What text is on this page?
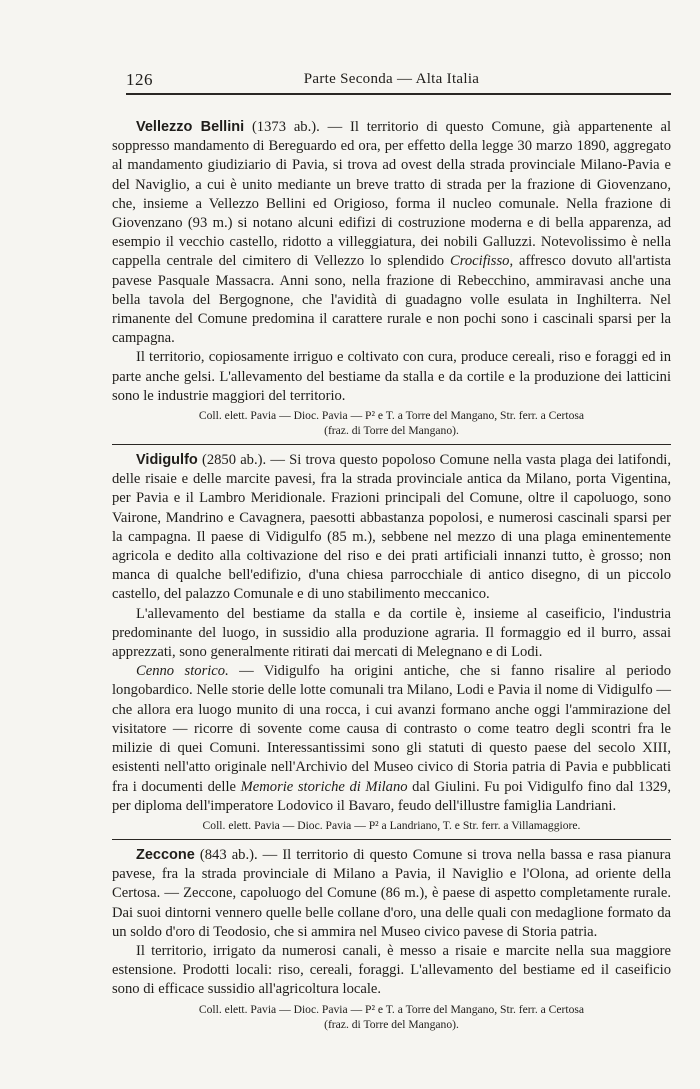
126	Parte Seconda — Alta Italia

Vellezzo Bellini (1373 ab.). — Il territorio di questo Comune, già appartenente al soppresso mandamento di Bereguardo ed ora, per effetto della legge 30 marzo 1890, aggregato al mandamento giudiziario di Pavia, si trova ad ovest della strada provinciale Milano-Pavia e del Naviglio, a cui è unito mediante un breve tratto di strada per la frazione di Giovenzano, che, insieme a Vellezzo Bellini ed Origioso, forma il nucleo comunale. Nella frazione di Giovenzano (93 m.) si notano alcuni edifizi di costruzione moderna e di bella apparenza, ad esempio il vecchio castello, ridotto a villeggiatura, dei nobili Galluzzi. Notevolissimo è nella cappella centrale del cimitero di Vellezzo lo splendido Crocifisso, affresco dovuto all'artista pavese Pasquale Massacra. Anni sono, nella frazione di Rebecchino, ammiravasi anche una bella tavola del Bergognone, che l'avidità di guadagno volle esulata in Inghilterra. Nel rimanente del Comune predomina il carattere rurale e non pochi sono i cascinali sparsi per la campagna.

Il territorio, copiosamente irriguo e coltivato con cura, produce cereali, riso e foraggi ed in parte anche gelsi. L'allevamento del bestiame da stalla e da cortile e la produzione dei latticini sono le industrie maggiori del territorio.

Coll. elett. Pavia — Dioc. Pavia — P² e T. a Torre del Mangano, Str. ferr. a Certosa
(fraz. di Torre del Mangano).

Vidigulfo (2850 ab.). — Si trova questo popoloso Comune nella vasta plaga dei latifondi, delle risaie e delle marcite pavesi, fra la strada provinciale antica da Milano, porta Vigentina, per Pavia e il Lambro Meridionale. Frazioni principali del Comune, oltre il capoluogo, sono Vairone, Mandrino e Cavagnera, paesotti abbastanza popolosi, e numerosi cascinali sparsi per la campagna. Il paese di Vidigulfo (85 m.), sebbene nel mezzo di una plaga eminentemente agricola e dedito alla coltivazione del riso e dei prati artificiali innanzi tutto, è grosso; non manca di qualche bell'edifizio, d'una chiesa parrocchiale di antico disegno, di un piccolo castello, del palazzo Comunale e di uno stabilimento meccanico.

L'allevamento del bestiame da stalla e da cortile è, insieme al caseificio, l'industria predominante del luogo, in sussidio alla produzione agraria. Il formaggio ed il burro, assai apprezzati, sono generalmente ritirati dai mercati di Melegnano e di Lodi.

Cenno storico. — Vidigulfo ha origini antiche, che si fanno risalire al periodo longobardico. Nelle storie delle lotte comunali tra Milano, Lodi e Pavia il nome di Vidigulfo — che allora era luogo munito di una rocca, i cui avanzi formano anche oggi l'ammirazione del visitatore — ricorre di sovente come causa di contrasto o come teatro degli scontri fra le milizie di quei Comuni. Interessantissimi sono gli statuti di questo paese del secolo XIII, esistenti nell'atto originale nell'Archivio del Museo civico di Storia patria di Pavia e pubblicati fra i documenti delle Memorie storiche di Milano dal Giulini. Fu poi Vidigulfo fino dal 1329, per diploma dell'imperatore Lodovico il Bavaro, feudo dell'illustre famiglia Landriani.

Coll. elett. Pavia — Dioc. Pavia — P² a Landriano, T. e Str. ferr. a Villamaggiore.

Zeccone (843 ab.). — Il territorio di questo Comune si trova nella bassa e rasa pianura pavese, fra la strada provinciale di Milano a Pavia, il Naviglio e l'Olona, ad oriente della Certosa. — Zeccone, capoluogo del Comune (86 m.), è paese di aspetto completamente rurale. Dai suoi dintorni vennero quelle belle collane d'oro, una delle quali con medaglione formato da un soldo d'oro di Teodosio, che si ammira nel Museo civico pavese di Storia patria.

Il territorio, irrigato da numerosi canali, è messo a risaie e marcite nella sua maggiore estensione. Prodotti locali: riso, cereali, foraggi. L'allevamento del bestiame ed il caseificio sono di efficace sussidio all'agricoltura locale.

Coll. elett. Pavia — Dioc. Pavia — P² e T. a Torre del Mangano, Str. ferr. a Certosa
(fraz. di Torre del Mangano).
